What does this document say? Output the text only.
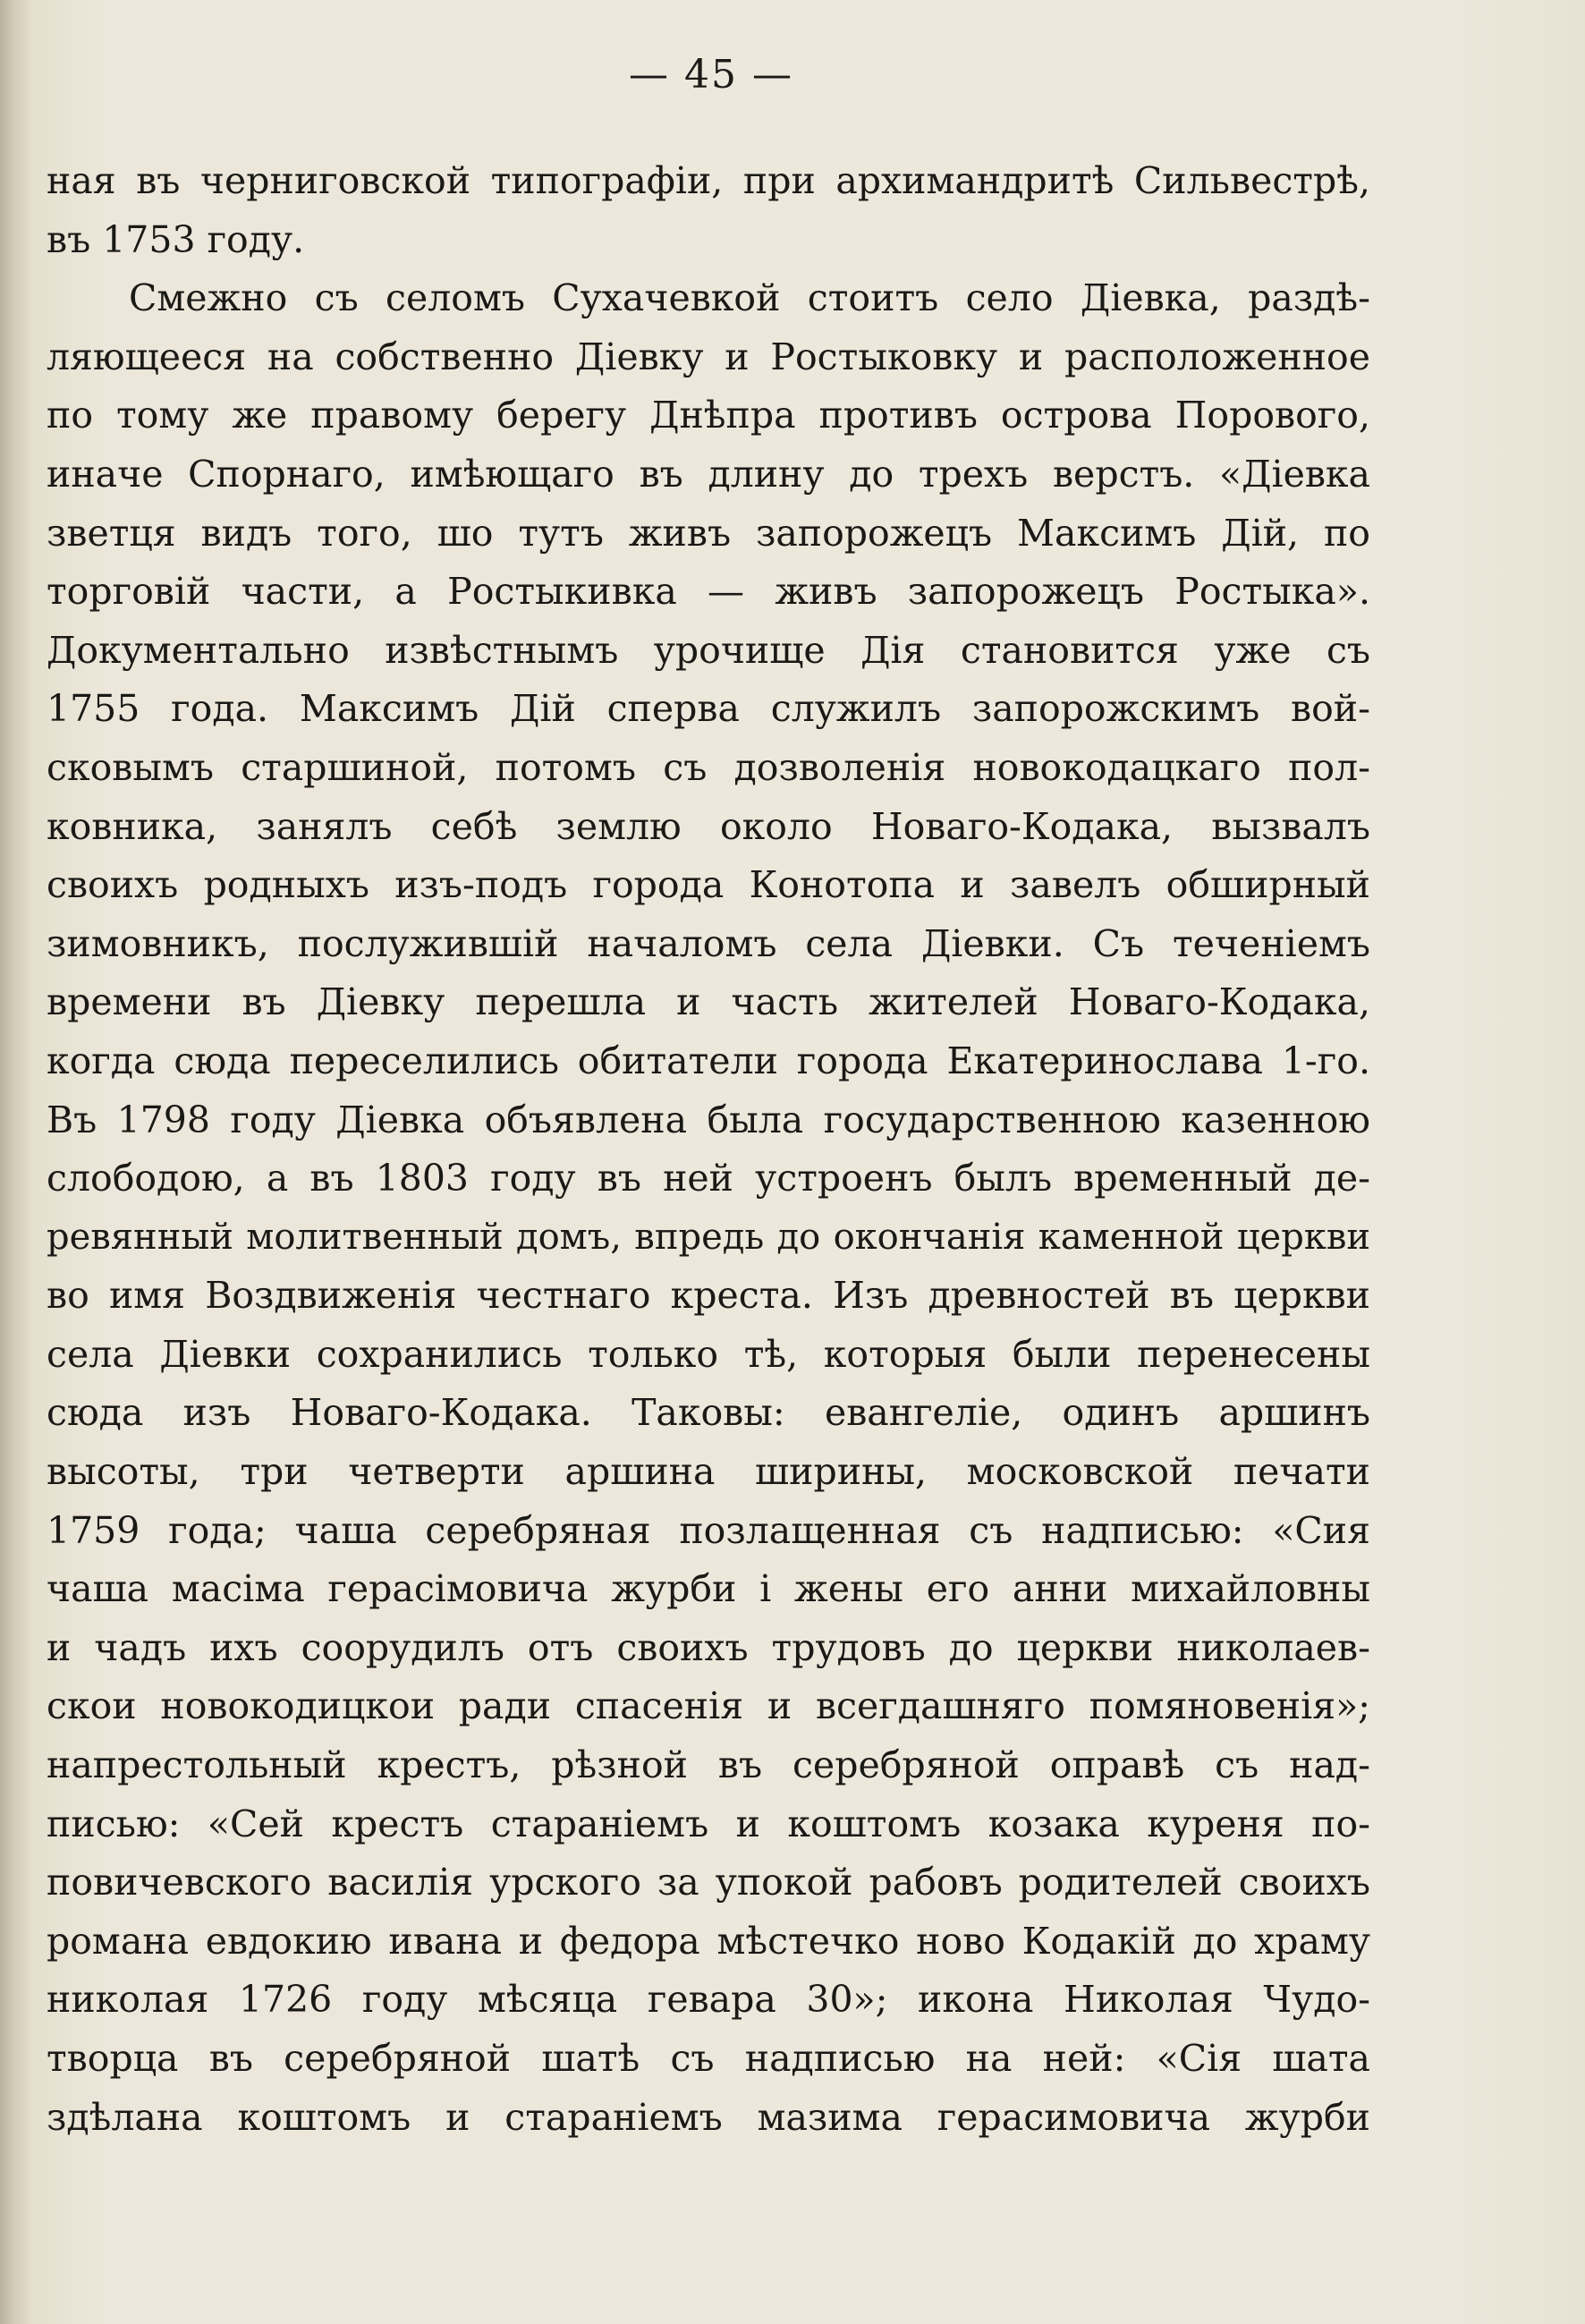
— 45 —
ная въ черниговской типографіи, при архимандритѣ Сильвестрѣ,
въ 1753 году.
Смежно съ селомъ Сухачевкой стоитъ село Діевка, раздѣ-
ляющееся на собственно Діевку и Ростыковку и расположенное
по тому же правому берегу Днѣпра противъ острова Порового,
иначе Спорнаго, имѣющаго въ длину до трехъ верстъ. «Діевка
зветця видъ того, шо тутъ живъ запорожецъ Максимъ Дій, по
торговій части, а Ростыкивка — живъ запорожецъ Ростыка».
Документально извѣстнымъ урочище Дія становится уже съ
1755 года. Максимъ Дій сперва служилъ запорожскимъ вой-
сковымъ старшиной, потомъ съ дозволенія новокодацкаго пол-
ковника, занялъ себѣ землю около Новаго-Кодака, вызвалъ
своихъ родныхъ изъ-подъ города Конотопа и завелъ обширный
зимовникъ, послужившій началомъ села Діевки. Съ теченіемъ
времени въ Діевку перешла и часть жителей Новаго-Кодака,
когда сюда переселились обитатели города Екатеринослава 1-го.
Въ 1798 году Діевка объявлена была государственною казенною
слободою, а въ 1803 году въ ней устроенъ былъ временный де-
ревянный молитвенный домъ, впредь до окончанія каменной церкви
во имя Воздвиженія честнаго креста. Изъ древностей въ церкви
села Діевки сохранились только тѣ, которыя были перенесены
сюда изъ Новаго-Кодака. Таковы: евангеліе, одинъ аршинъ
высоты, три четверти аршина ширины, московской печати
1759 года; чаша серебряная позлащенная съ надписью: «Сия
чаша масіма герасімовича журби і жены его анни михайловны
и чадъ ихъ соорудилъ отъ своихъ трудовъ до церкви николаев-
скои новокодицкои ради спасенія и всегдашняго помяновенія»;
напрестольный крестъ, рѣзной въ серебряной оправѣ съ над-
писью: «Сей крестъ стараніемъ и коштомъ козака куреня по-
повичевского василія урского за упокой рабовъ родителей своихъ
романа евдокию ивана и федора мѣстечко ново Кодакій до храму
николая 1726 году мѣсяца гевара 30»; икона Николая Чудо-
творца въ серебряной шатѣ съ надписью на ней: «Сія шата
здѣлана коштомъ и стараніемъ мазима герасимовича журби
